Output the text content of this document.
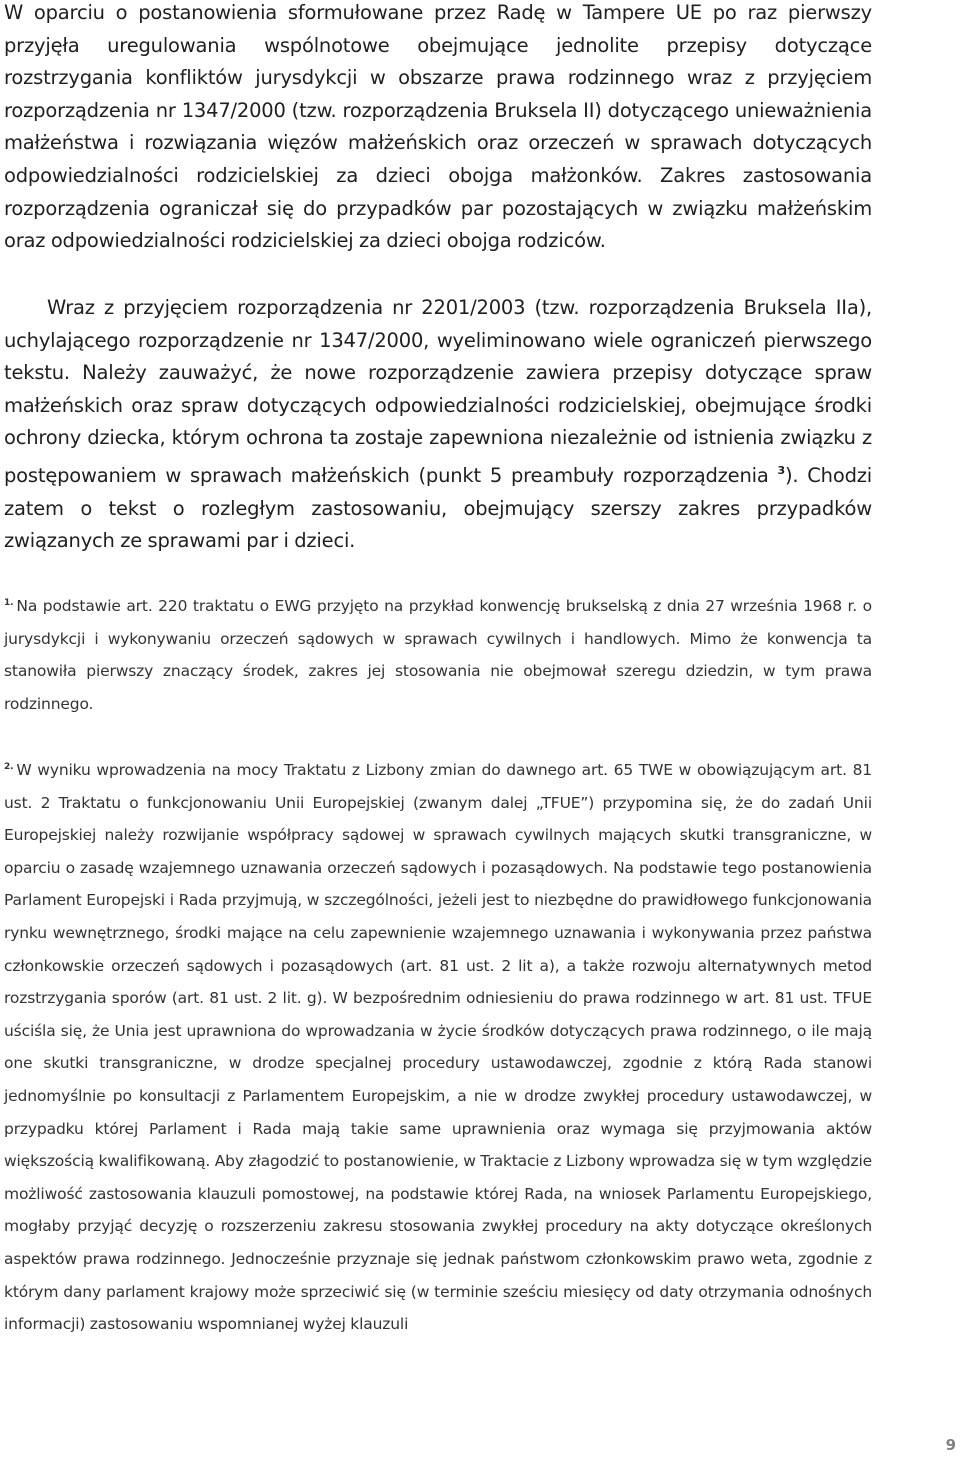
W oparciu o postanowienia sformułowane przez Radę w Tampere UE po raz pierwszy przyjęła uregulowania wspólnotowe obejmujące jednolite przepisy dotyczące rozstrzygania konfliktów jurysdykcji w obszarze prawa rodzinnego wraz z przyjęciem rozporządzenia nr 1347/2000 (tzw. rozporządzenia Bruksela II) dotyczącego unieważnienia małżeństwa i rozwiązania więzów małżeńskich oraz orzeczeń w sprawach dotyczących odpowiedzialności rodzicielskiej za dzieci obojga małżonków. Zakres zastosowania rozporządzenia ograniczał się do przypadków par pozostających w związku małżeńskim oraz odpowiedzialności rodzicielskiej za dzieci obojga rodziców.

Wraz z przyjęciem rozporządzenia nr 2201/2003 (tzw. rozporządzenia Bruksela IIa), uchylającego rozporządzenie nr 1347/2000, wyeliminowano wiele ograniczeń pierwszego tekstu. Należy zauważyć, że nowe rozporządzenie zawiera przepisy dotyczące spraw małżeńskich oraz spraw dotyczących odpowiedzialności rodzicielskiej, obejmujące środki ochrony dziecka, którym ochrona ta zostaje zapewniona niezależnie od istnienia związku z postępowaniem w sprawach małżeńskich (punkt 5 preambuły rozporządzenia $^3$). Chodzi zatem o tekst o rozległym zastosowaniu, obejmujący szerszy zakres przypadków związanych ze sprawami par i dzieci.

$^{1.}$ Na podstawie art. 220 traktatu o EWG przyjęto na przykład konwencję brukselską z dnia 27 września 1968 r. o jurysdykcji i wykonywaniu orzeczeń sądowych w sprawach cywilnych i handlowych. Mimo że konwencja ta stanowiła pierwszy znaczący środek, zakres jej stosowania nie obejmował szeregu dziedzin, w tym prawa rodzinnego.

$^{2.}$ W wyniku wprowadzenia na mocy Traktatu z Lizbony zmian do dawnego art. 65 TWE w obowiązującym art. 81 ust. 2 Traktatu o funkcjonowaniu Unii Europejskiej (zwanym dalej „TFUE”) przypomina się, że do zadań Unii Europejskiej należy rozwijanie współpracy sądowej w sprawach cywilnych mających skutki transgraniczne, w oparciu o zasadę wzajemnego uznawania orzeczeń sądowych i pozasądowych. Na podstawie tego postanowienia Parlament Europejski i Rada przyjmują, w szczególności, jeżeli jest to niezbędne do prawidłowego funkcjonowania rynku wewnętrznego, środki mające na celu zapewnienie wzajemnego uznawania i wykonywania przez państwa członkowskie orzeczeń sądowych i pozasądowych (art. 81 ust. 2 lit a), a także rozwoju alternatywnych metod rozstrzygania sporów (art. 81 ust. 2 lit. g). W bezpośrednim odniesieniu do prawa rodzinnego w art. 81 ust. TFUE uściśla się, że Unia jest uprawniona do wprowadzania w życie środków dotyczących prawa rodzinnego, o ile mają one skutki transgraniczne, w drodze specjalnej procedury ustawodawczej, zgodnie z którą Rada stanowi jednomyślnie po konsultacji z Parlamentem Europejskim, a nie w drodze zwykłej procedury ustawodawczej, w przypadku której Parlament i Rada mają takie same uprawnienia oraz wymaga się przyjmowania aktów większością kwalifikowaną. Aby złagodzić to postanowienie, w Traktacie z Lizbony wprowadza się w tym względzie możliwość zastosowania klauzuli pomostowej, na podstawie której Rada, na wniosek Parlamentu Europejskiego, mogłaby przyjąć decyzję o rozszerzeniu zakresu stosowania zwykłej procedury na akty dotyczące określonych aspektów prawa rodzinnego. Jednocześnie przyznaje się jednak państwom członkowskim prawo weta, zgodnie z którym dany parlament krajowy może sprzeciwić się (w terminie sześciu miesięcy od daty otrzymania odnośnych informacji) zastosowaniu wspomnianej wyżej klauzuli

9
